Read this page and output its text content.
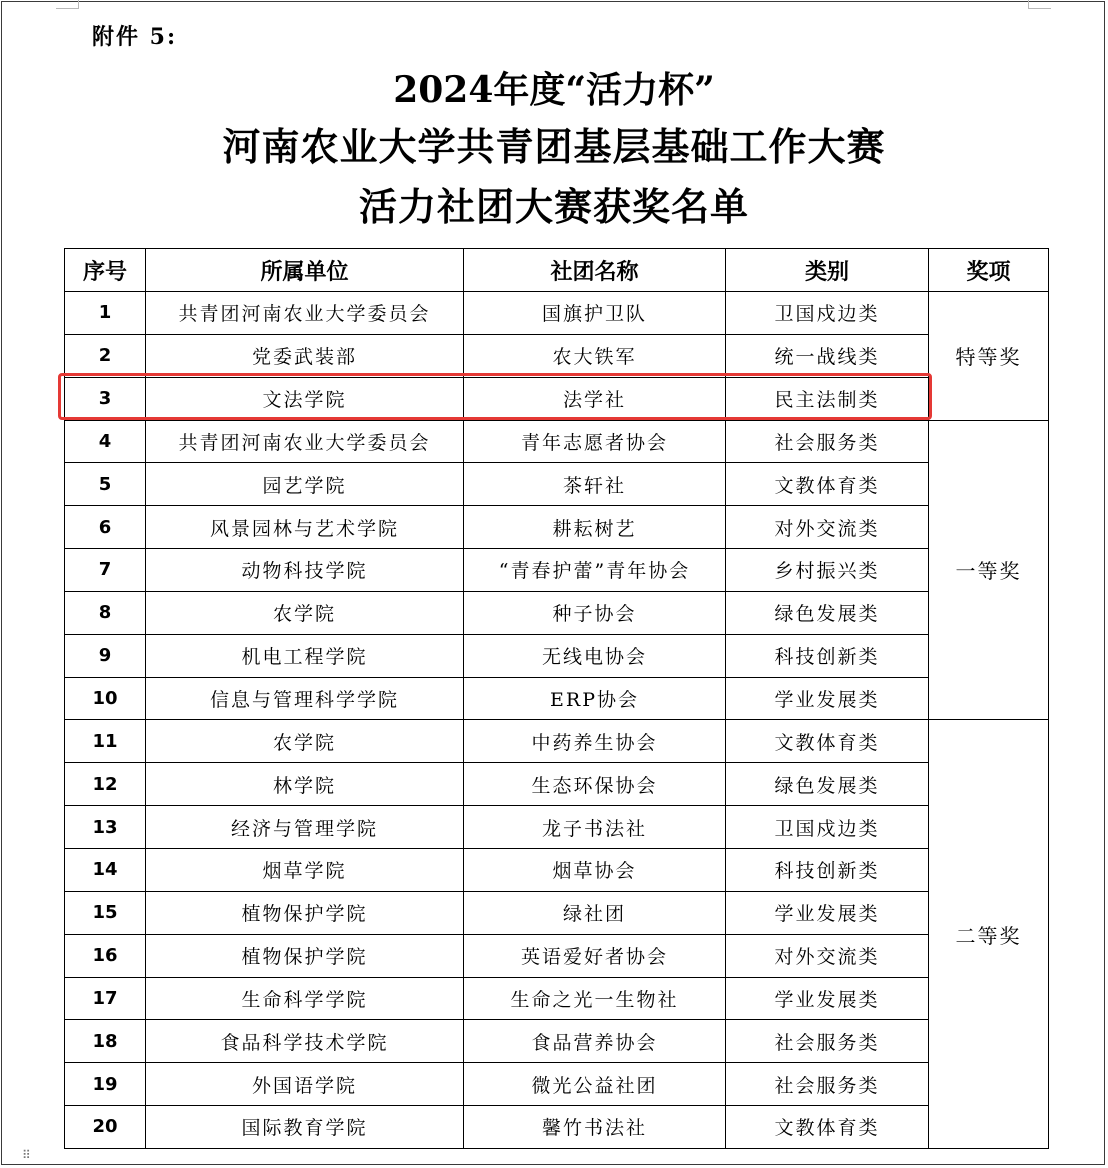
附件 5:
2024年度“活力杯”
河南农业大学共青团基层基础工作大赛
活力社团大赛获奖名单
序号	所属单位	社团名称	类别	奖项
1	共青团河南农业大学委员会	国旗护卫队	卫国戍边类	特等奖
2	党委武装部	农大铁军	统一战线类	
3	文法学院	法学社	民主法制类	
4	共青团河南农业大学委员会	青年志愿者协会	社会服务类	一等奖
5	园艺学院	茶轩社	文教体育类	
6	风景园林与艺术学院	耕耘树艺	对外交流类	
7	动物科技学院	“青春护蕾”青年协会	乡村振兴类	
8	农学院	种子协会	绿色发展类	
9	机电工程学院	无线电协会	科技创新类	
10	信息与管理科学学院	ERP协会	学业发展类	
11	农学院	中药养生协会	文教体育类	二等奖
12	林学院	生态环保协会	绿色发展类	
13	经济与管理学院	龙子书法社	卫国戍边类	
14	烟草学院	烟草协会	科技创新类	
15	植物保护学院	绿社团	学业发展类	
16	植物保护学院	英语爱好者协会	对外交流类	
17	生命科学学院	生命之光一生物社	学业发展类	
18	食品科学技术学院	食品营养协会	社会服务类	
19	外国语学院	微光公益社团	社会服务类	
20	国际教育学院	馨竹书法社	文教体育类	
⠿
